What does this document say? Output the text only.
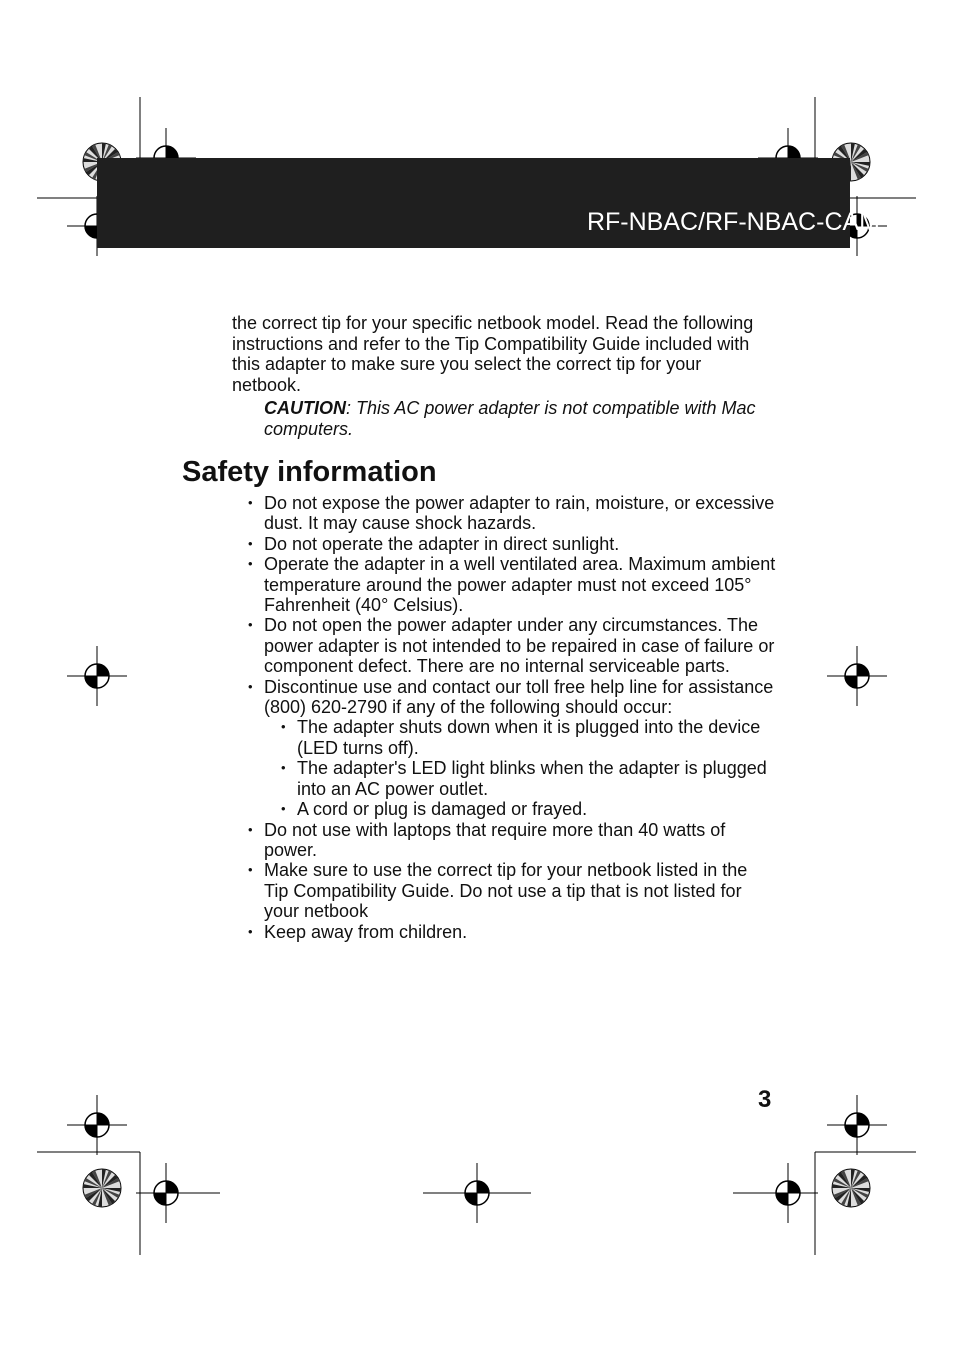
RF-NBAC/RF-NBAC-CAM

the correct tip for your specific netbook model. Read the following instructions and refer to the Tip Compatibility Guide included with this adapter to make sure you select the correct tip for your netbook.

CAUTION: This AC power adapter is not compatible with Mac computers.

Safety information
• Do not expose the power adapter to rain, moisture, or excessive dust. It may cause shock hazards.
• Do not operate the adapter in direct sunlight.
• Operate the adapter in a well ventilated area. Maximum ambient temperature around the power adapter must not exceed 105° Fahrenheit (40° Celsius).
• Do not open the power adapter under any circumstances. The power adapter is not intended to be repaired in case of failure or component defect. There are no internal serviceable parts.
• Discontinue use and contact our toll free help line for assistance (800) 620-2790 if any of the following should occur:
• The adapter shuts down when it is plugged into the device (LED turns off).
• The adapter's LED light blinks when the adapter is plugged into an AC power outlet.
• A cord or plug is damaged or frayed.
• Do not use with laptops that require more than 40 watts of power.
• Make sure to use the correct tip for your netbook listed in the Tip Compatibility Guide. Do not use a tip that is not listed for your netbook
• Keep away from children.
3
